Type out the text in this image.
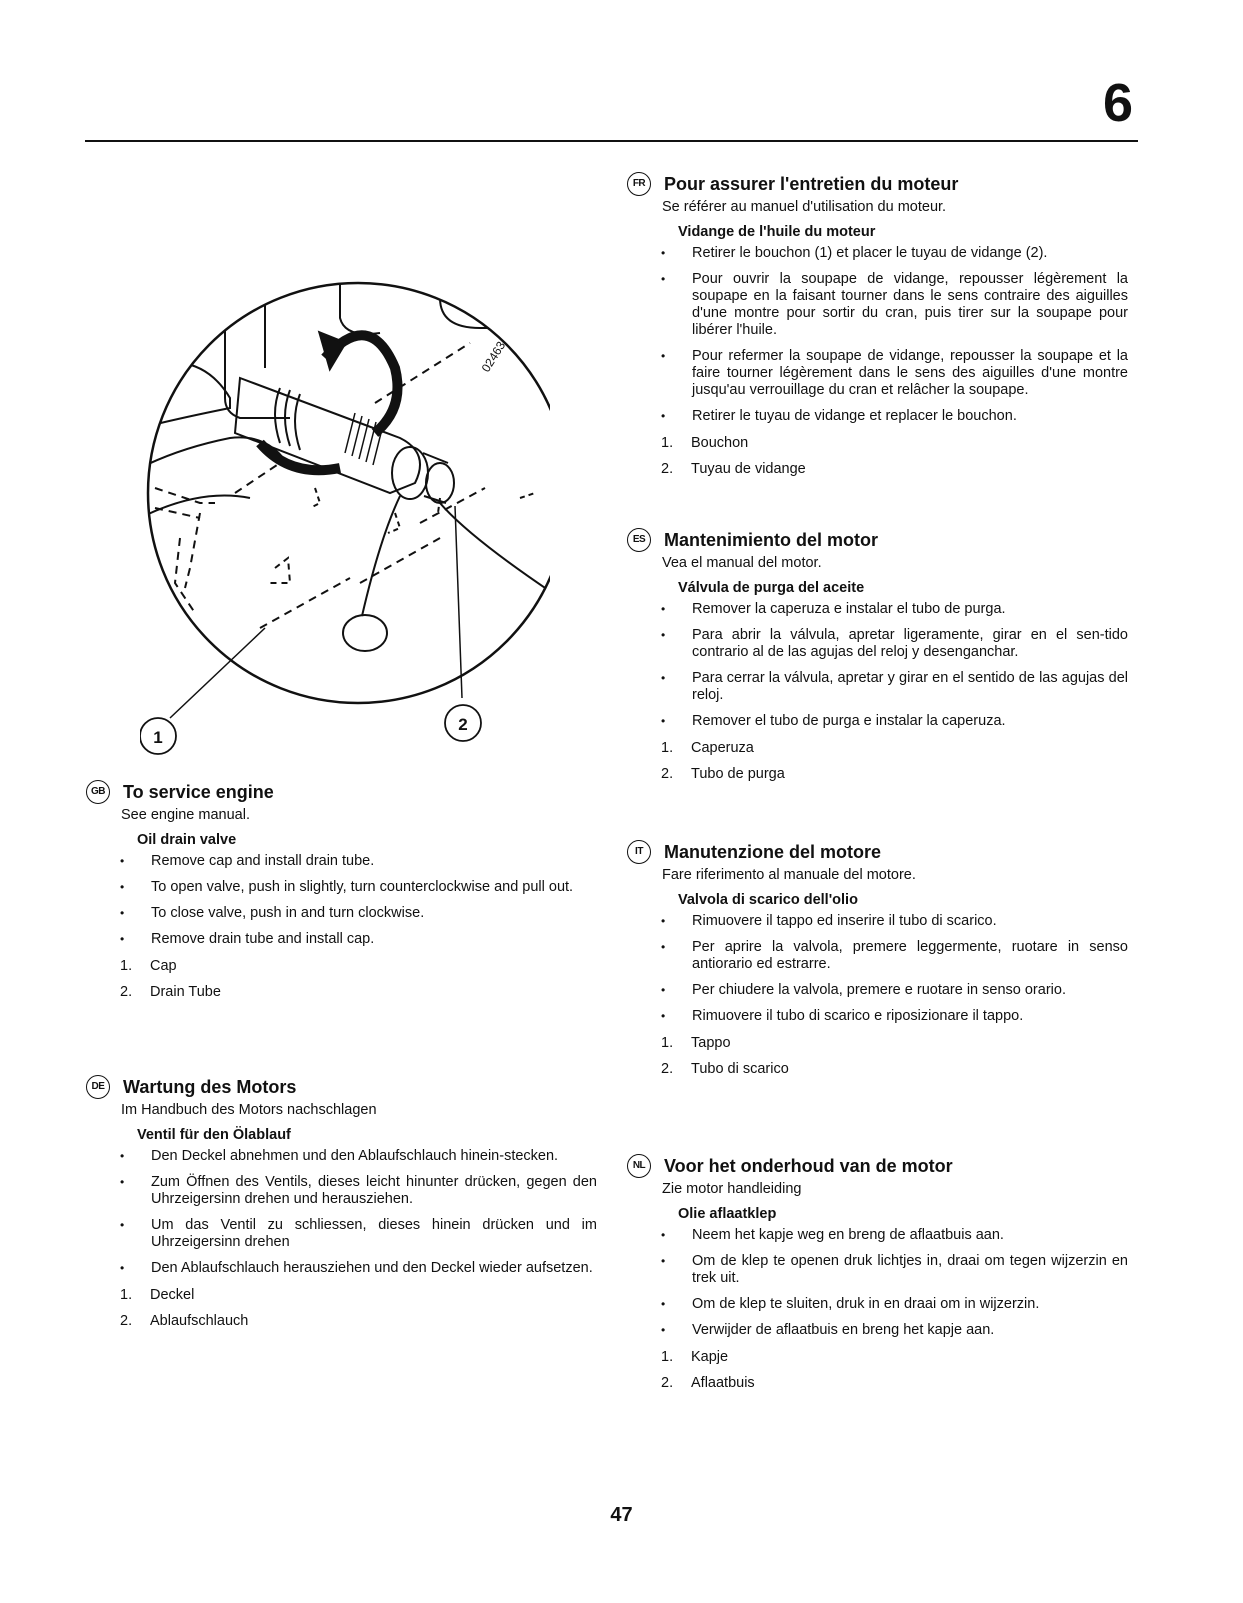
6
02463
1
2
GB To service engine
See engine manual.
Oil drain valve
• Remove cap and install drain tube.
• To open valve, push in slightly, turn counterclockwise and pull out.
• To close valve, push in and turn clockwise.
• Remove drain tube and install cap.
1. Cap
2. Drain Tube
DE	Wartung des Motors
Im Handbuch des Motors nachschlagen
Ventil für den Ölablauf
• Den Deckel abnehmen und den Ablaufschlauch hinein-stecken.
• Zum Öffnen des Ventils, dieses leicht hinunter drücken, gegen den Uhrzeigersinn drehen und herausziehen.
• Um das Ventil zu schliessen, dieses hinein drücken und im Uhrzeigersinn drehen
• Den Ablaufschlauch herausziehen und den Deckel wieder aufsetzen.
1. Deckel
2. Ablaufschlauch
FR	Pour assurer l'entretien du moteur
Se référer au manuel d'utilisation du moteur.
Vidange de l'huile du moteur
• Retirer le bouchon (1) et placer le tuyau de vidange (2).
• Pour ouvrir la soupape de vidange, repousser légèrement la soupape en la faisant tourner dans le sens contraire des aiguilles d'une montre pour sortir du cran, puis tirer sur la soupape pour libérer l'huile.
• Pour refermer la soupape de vidange, repousser la soupape et la faire tourner légèrement dans le sens des aiguilles d'une montre jusqu'au verrouillage du cran et relâcher la soupape.
• Retirer le tuyau de vidange et replacer le bouchon.
1. Bouchon
2. Tuyau de vidange
ES	Mantenimiento del motor
Vea el manual del motor.
Válvula de purga del aceite
• Remover la caperuza e instalar el tubo de purga.
• Para abrir la válvula, apretar ligeramente, girar en el sen-tido contrario al de las agujas del reloj y desenganchar.
• Para cerrar la válvula, apretar y girar en el sentido de las agujas del reloj.
• Remover el tubo de purga e instalar la caperuza.
1. Caperuza
2. Tubo de purga
IT	Manutenzione del motore
Fare riferimento al manuale del motore.
Valvola di scarico dell'olio
• Rimuovere il tappo ed inserire il tubo di scarico.
• Per aprire la valvola, premere leggermente, ruotare in senso antiorario ed estrarre.
• Per chiudere la valvola, premere e ruotare in senso orario.
• Rimuovere il tubo di scarico e riposizionare il tappo.
1. Tappo
2. Tubo di scarico
NL	Voor het onderhoud van de motor
Zie motor handleiding
Olie aflaatklep
• Neem het kapje weg en breng de aflaatbuis aan.
• Om de klep te openen druk lichtjes in, draai om tegen wijzerzin en trek uit.
• Om de klep te sluiten, druk in en draai om in wijzerzin.
• Verwijder de aflaatbuis en breng het kapje aan.
1. Kapje
2. Aflaatbuis
47
